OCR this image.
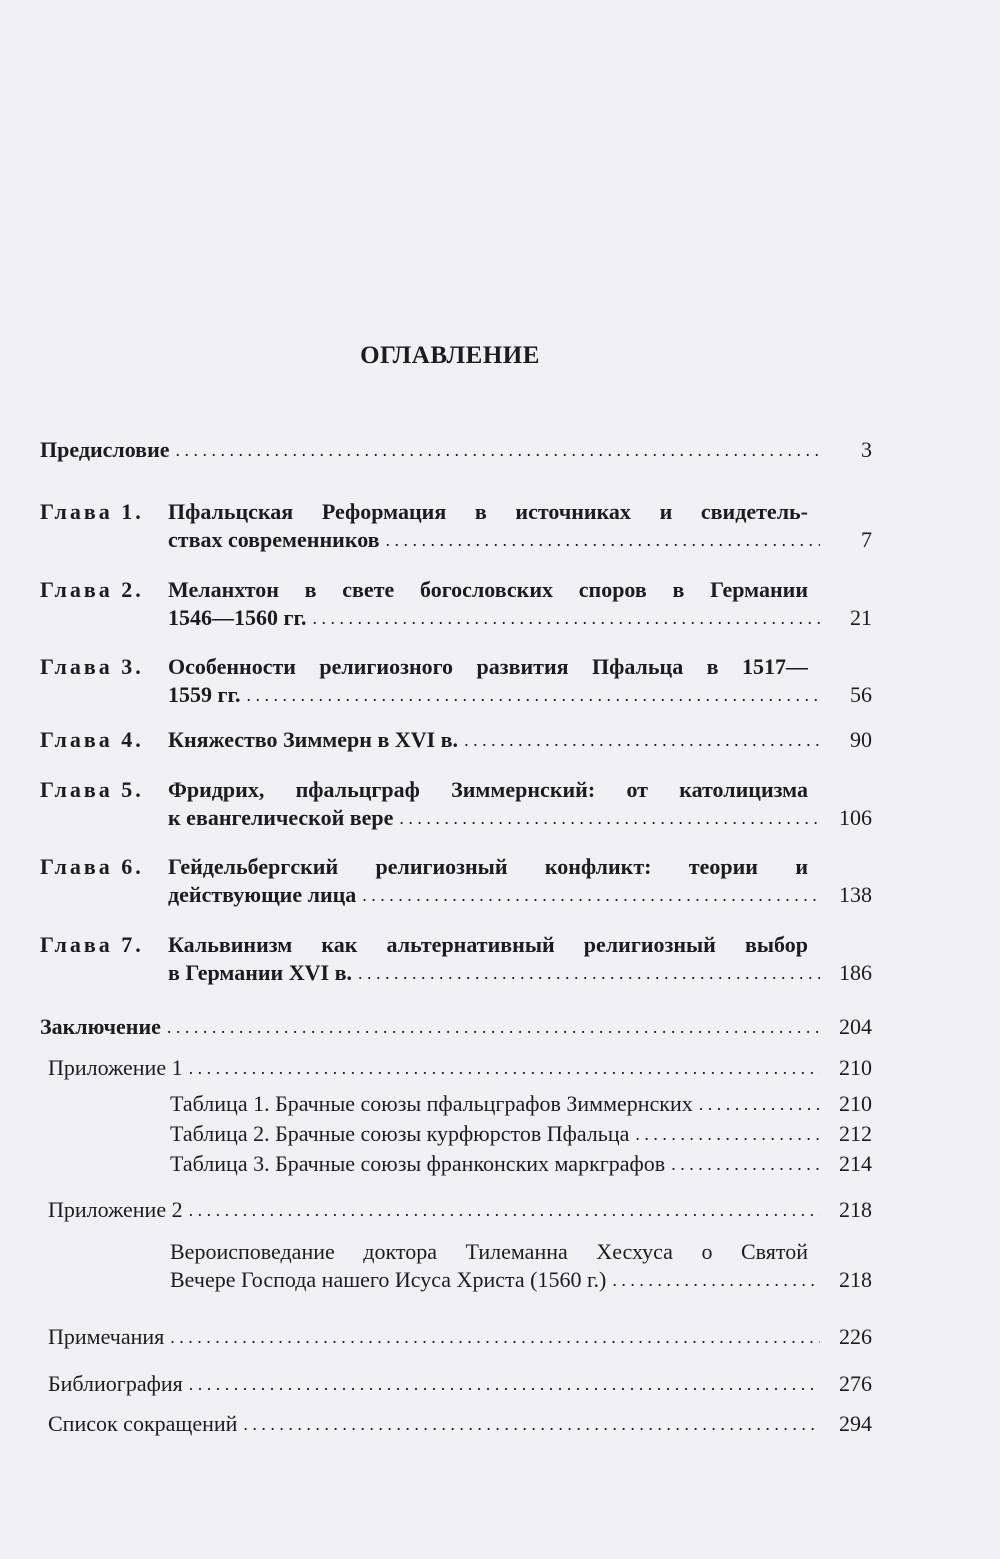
ОГЛАВЛЕНИЕ
Предисловие . . .	3
Глава 1. Пфальцская Реформация в источниках и свидетель-
ствах современников . . .	7
Глава 2. Меланхтон в свете богословских споров в Германии
1546—1560 гг. . . .	21
Глава 3. Особенности религиозного развития Пфальца в 1517—
1559 гг. . . .	56
Глава 4. Княжество Зиммерн в XVI в. . . .	90
Глава 5. Фридрих, пфальцграф Зиммернский: от католицизма
к евангелической вере . . .	106
Глава 6. Гейдельбергский религиозный конфликт: теории и
действующие лица . . .	138
Глава 7. Кальвинизм как альтернативный религиозный выбор
в Германии XVI в. . . .	186
Заключение . . .	204
Приложение 1 . . .	210
Таблица 1. Брачные союзы пфальцграфов Зиммернских . . .	210
Таблица 2. Брачные союзы курфюрстов Пфальца . . .	212
Таблица 3. Брачные союзы франконских маркграфов . . .	214
Приложение 2 . . .	218
Вероисповедание доктора Тилеманна Хесхуса о Святой
Вечере Господа нашего Исуса Христа (1560 г.) . . .	218
Примечания . . .	226
Библиография . . .	276
Список сокращений . . .	294
